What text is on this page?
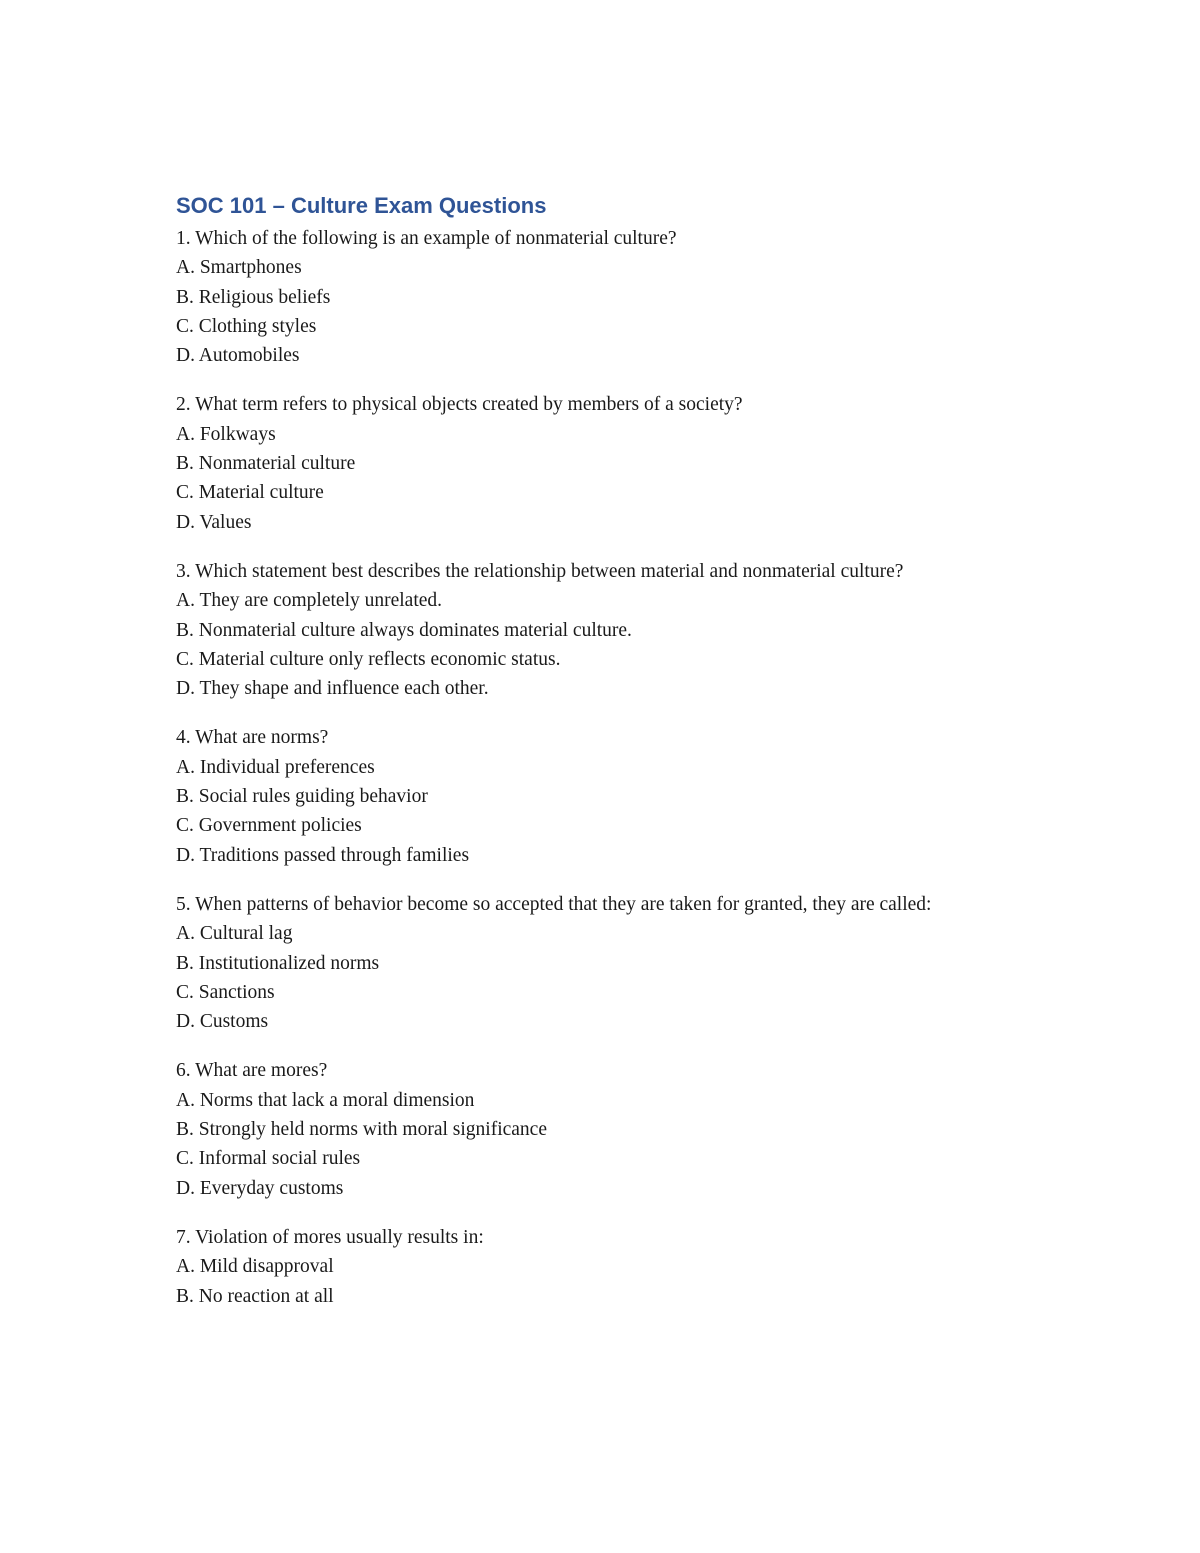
SOC 101 – Culture Exam Questions
1. Which of the following is an example of nonmaterial culture?
A. Smartphones
B. Religious beliefs
C. Clothing styles
D. Automobiles
2. What term refers to physical objects created by members of a society?
A. Folkways
B. Nonmaterial culture
C. Material culture
D. Values
3. Which statement best describes the relationship between material and nonmaterial culture?
A. They are completely unrelated.
B. Nonmaterial culture always dominates material culture.
C. Material culture only reflects economic status.
D. They shape and influence each other.
4. What are norms?
A. Individual preferences
B. Social rules guiding behavior
C. Government policies
D. Traditions passed through families
5. When patterns of behavior become so accepted that they are taken for granted, they are called:
A. Cultural lag
B. Institutionalized norms
C. Sanctions
D. Customs
6. What are mores?
A. Norms that lack a moral dimension
B. Strongly held norms with moral significance
C. Informal social rules
D. Everyday customs
7. Violation of mores usually results in:
A. Mild disapproval
B. No reaction at all
